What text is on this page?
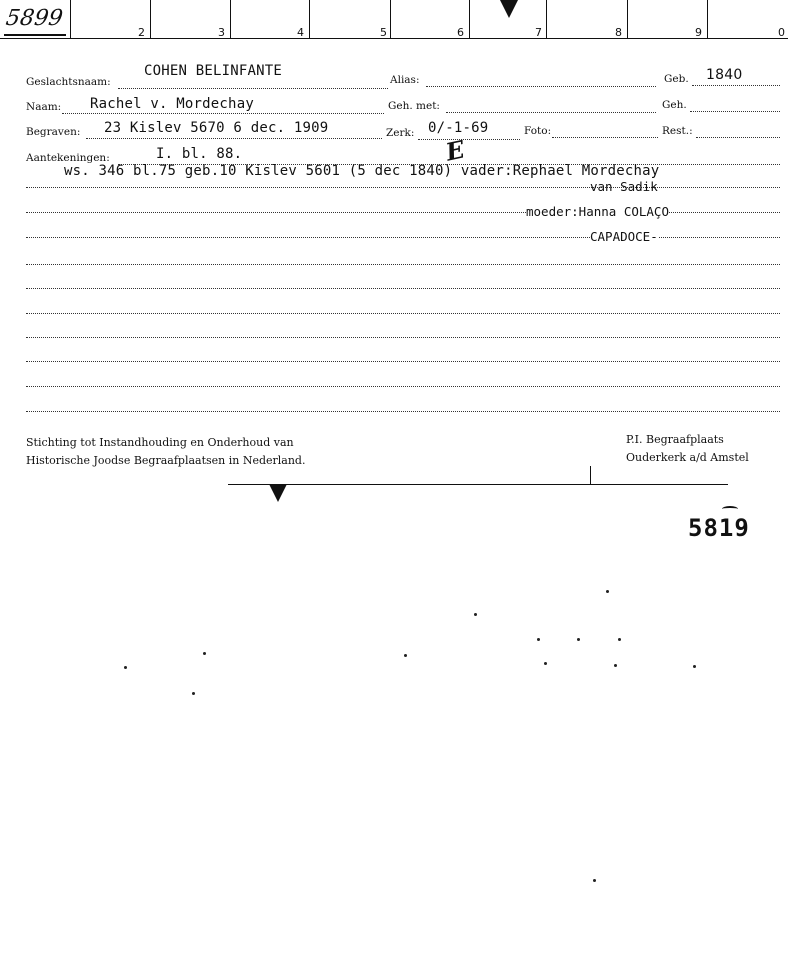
5899
2	3	4	5	6	7	8	9	0
Geslachtsnaam:
COHEN BELINFANTE
Alias:	Geb. 1840
Naam: Rachel v. Mordechay	Geh. met:	Geh.
Begraven: 23 Kislev 5670 6 dec. 1909	Zerk: 0/-1-69	Foto:	Rest.:
Aantekeningen:	I. bl. 88.	E
ws. 346 bl.75 geb.10 Kislev 5601 (5 dec 1840) vader:Rephael Mordechay
van Sadik
moeder:Hanna COLAÇO
CAPADOCE-
Stichting tot Instandhouding en Onderhoud van
Historische Joodse Begraafplaatsen in Nederland.
P.I. Begraafplaats
Ouderkerk a/d Amstel
5819
